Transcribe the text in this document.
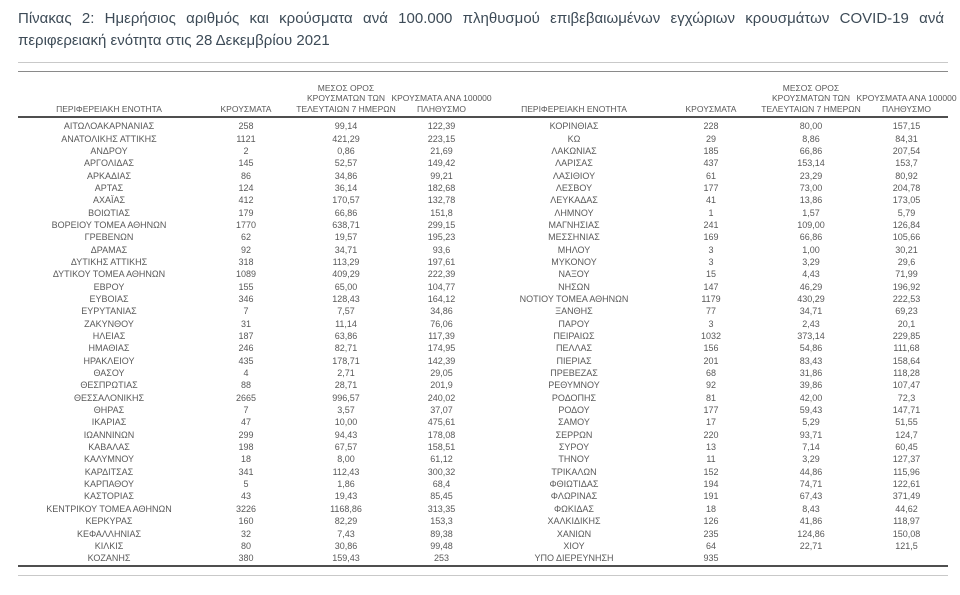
Πίνακας 2: Ημερήσιος αριθμός και κρούσματα ανά 100.000 πληθυσμού επιβεβαιωμένων εγχώριων κρουσμάτων COVID-19 ανά περιφερειακή ενότητα στις 28 Δεκεμβρίου 2021
ΠΕΡΙΦΕΡΕΙΑΚΗ ΕΝΟΤΗΤΑ	ΚΡΟΥΣΜΑΤΑ
ΜΕΣΟΣ ΟΡΟΣ ΚΡΟΥΣΜΑΤΩΝ ΤΩΝ ΤΕΛΕΥΤΑΙΩΝ 7 ΗΜΕΡΩΝ
ΚΡΟΥΣΜΑΤΑ ΑΝΑ 100000 ΠΛΗΘΥΣΜΟ	ΠΕΡΙΦΕΡΕΙΑΚΗ ΕΝΟΤΗΤΑ	ΚΡΟΥΣΜΑΤΑ
ΜΕΣΟΣ ΟΡΟΣ ΚΡΟΥΣΜΑΤΩΝ ΤΩΝ ΤΕΛΕΥΤΑΙΩΝ 7 ΗΜΕΡΩΝ
ΚΡΟΥΣΜΑΤΑ ΑΝΑ 100000 ΠΛΗΘΥΣΜΟ
ΑΙΤΩΛΟΑΚΑΡΝΑΝΙΑΣ	258	99,14	122,39
ΑΝΑΤΟΛΙΚΗΣ ΑΤΤΙΚΗΣ	1121	421,29	223,15
ΑΝΔΡΟΥ	2	0,86	21,69
ΑΡΓΟΛΙΔΑΣ	145	52,57	149,42
ΑΡΚΑΔΙΑΣ	86	34,86	99,21
ΑΡΤΑΣ	124	36,14	182,68
ΑΧΑΪΑΣ	412	170,57	132,78
ΒΟΙΩΤΙΑΣ	179	66,86	151,8
ΒΟΡΕΙΟΥ ΤΟΜΕΑ ΑΘΗΝΩΝ	1770	638,71	299,15
ΓΡΕΒΕΝΩΝ	62	19,57	195,23
ΔΡΑΜΑΣ	92	34,71	93,6
ΔΥΤΙΚΗΣ ΑΤΤΙΚΗΣ	318	113,29	197,61
ΔΥΤΙΚΟΥ ΤΟΜΕΑ ΑΘΗΝΩΝ	1089	409,29	222,39
ΕΒΡΟΥ	155	65,00	104,77
ΕΥΒΟΙΑΣ	346	128,43	164,12
ΕΥΡΥΤΑΝΙΑΣ	7	7,57	34,86
ΖΑΚΥΝΘΟΥ	31	11,14	76,06
ΗΛΕΙΑΣ	187	63,86	117,39
ΗΜΑΘΙΑΣ	246	82,71	174,95
ΗΡΑΚΛΕΙΟΥ	435	178,71	142,39
ΘΑΣΟΥ	4	2,71	29,05
ΘΕΣΠΡΩΤΙΑΣ	88	28,71	201,9
ΘΕΣΣΑΛΟΝΙΚΗΣ	2665	996,57	240,02
ΘΗΡΑΣ	7	3,57	37,07
ΙΚΑΡΙΑΣ	47	10,00	475,61
ΙΩΑΝΝΙΝΩΝ	299	94,43	178,08
ΚΑΒΑΛΑΣ	198	67,57	158,51
ΚΑΛΥΜΝΟΥ	18	8,00	61,12
ΚΑΡΔΙΤΣΑΣ	341	112,43	300,32
ΚΑΡΠΑΘΟΥ	5	1,86	68,4
ΚΑΣΤΟΡΙΑΣ	43	19,43	85,45
ΚΕΝΤΡΙΚΟΥ ΤΟΜΕΑ ΑΘΗΝΩΝ	3226	1168,86	313,35
ΚΕΡΚΥΡΑΣ	160	82,29	153,3
ΚΕΦΑΛΛΗΝΙΑΣ	32	7,43	89,38
ΚΙΛΚΙΣ	80	30,86	99,48
ΚΟΖΑΝΗΣ	380	159,43	253
ΚΟΡΙΝΘΙΑΣ	228	80,00	157,15
ΚΩ	29	8,86	84,31
ΛΑΚΩΝΙΑΣ	185	66,86	207,54
ΛΑΡΙΣΑΣ	437	153,14	153,7
ΛΑΣΙΘΙΟΥ	61	23,29	80,92
ΛΕΣΒΟΥ	177	73,00	204,78
ΛΕΥΚΑΔΑΣ	41	13,86	173,05
ΛΗΜΝΟΥ	1	1,57	5,79
ΜΑΓΝΗΣΙΑΣ	241	109,00	126,84
ΜΕΣΣΗΝΙΑΣ	169	66,86	105,66
ΜΗΛΟΥ	3	1,00	30,21
ΜΥΚΟΝΟΥ	3	3,29	29,6
ΝΑΞΟΥ	15	4,43	71,99
ΝΗΣΩΝ	147	46,29	196,92
ΝΟΤΙΟΥ ΤΟΜΕΑ ΑΘΗΝΩΝ	1179	430,29	222,53
ΞΑΝΘΗΣ	77	34,71	69,23
ΠΑΡΟΥ	3	2,43	20,1
ΠΕΙΡΑΙΩΣ	1032	373,14	229,85
ΠΕΛΛΑΣ	156	54,86	111,68
ΠΙΕΡΙΑΣ	201	83,43	158,64
ΠΡΕΒΕΖΑΣ	68	31,86	118,28
ΡΕΘΥΜΝΟΥ	92	39,86	107,47
ΡΟΔΟΠΗΣ	81	42,00	72,3
ΡΟΔΟΥ	177	59,43	147,71
ΣΑΜΟΥ	17	5,29	51,55
ΣΕΡΡΩΝ	220	93,71	124,7
ΣΥΡΟΥ	13	7,14	60,45
ΤΗΝΟΥ	11	3,29	127,37
ΤΡΙΚΑΛΩΝ	152	44,86	115,96
ΦΘΙΩΤΙΔΑΣ	194	74,71	122,61
ΦΛΩΡΙΝΑΣ	191	67,43	371,49
ΦΩΚΙΔΑΣ	18	8,43	44,62
ΧΑΛΚΙΔΙΚΗΣ	126	41,86	118,97
ΧΑΝΙΩΝ	235	124,86	150,08
ΧΙΟΥ	64	22,71	121,5
ΥΠΟ ΔΙΕΡΕΥΝΗΣΗ	935
